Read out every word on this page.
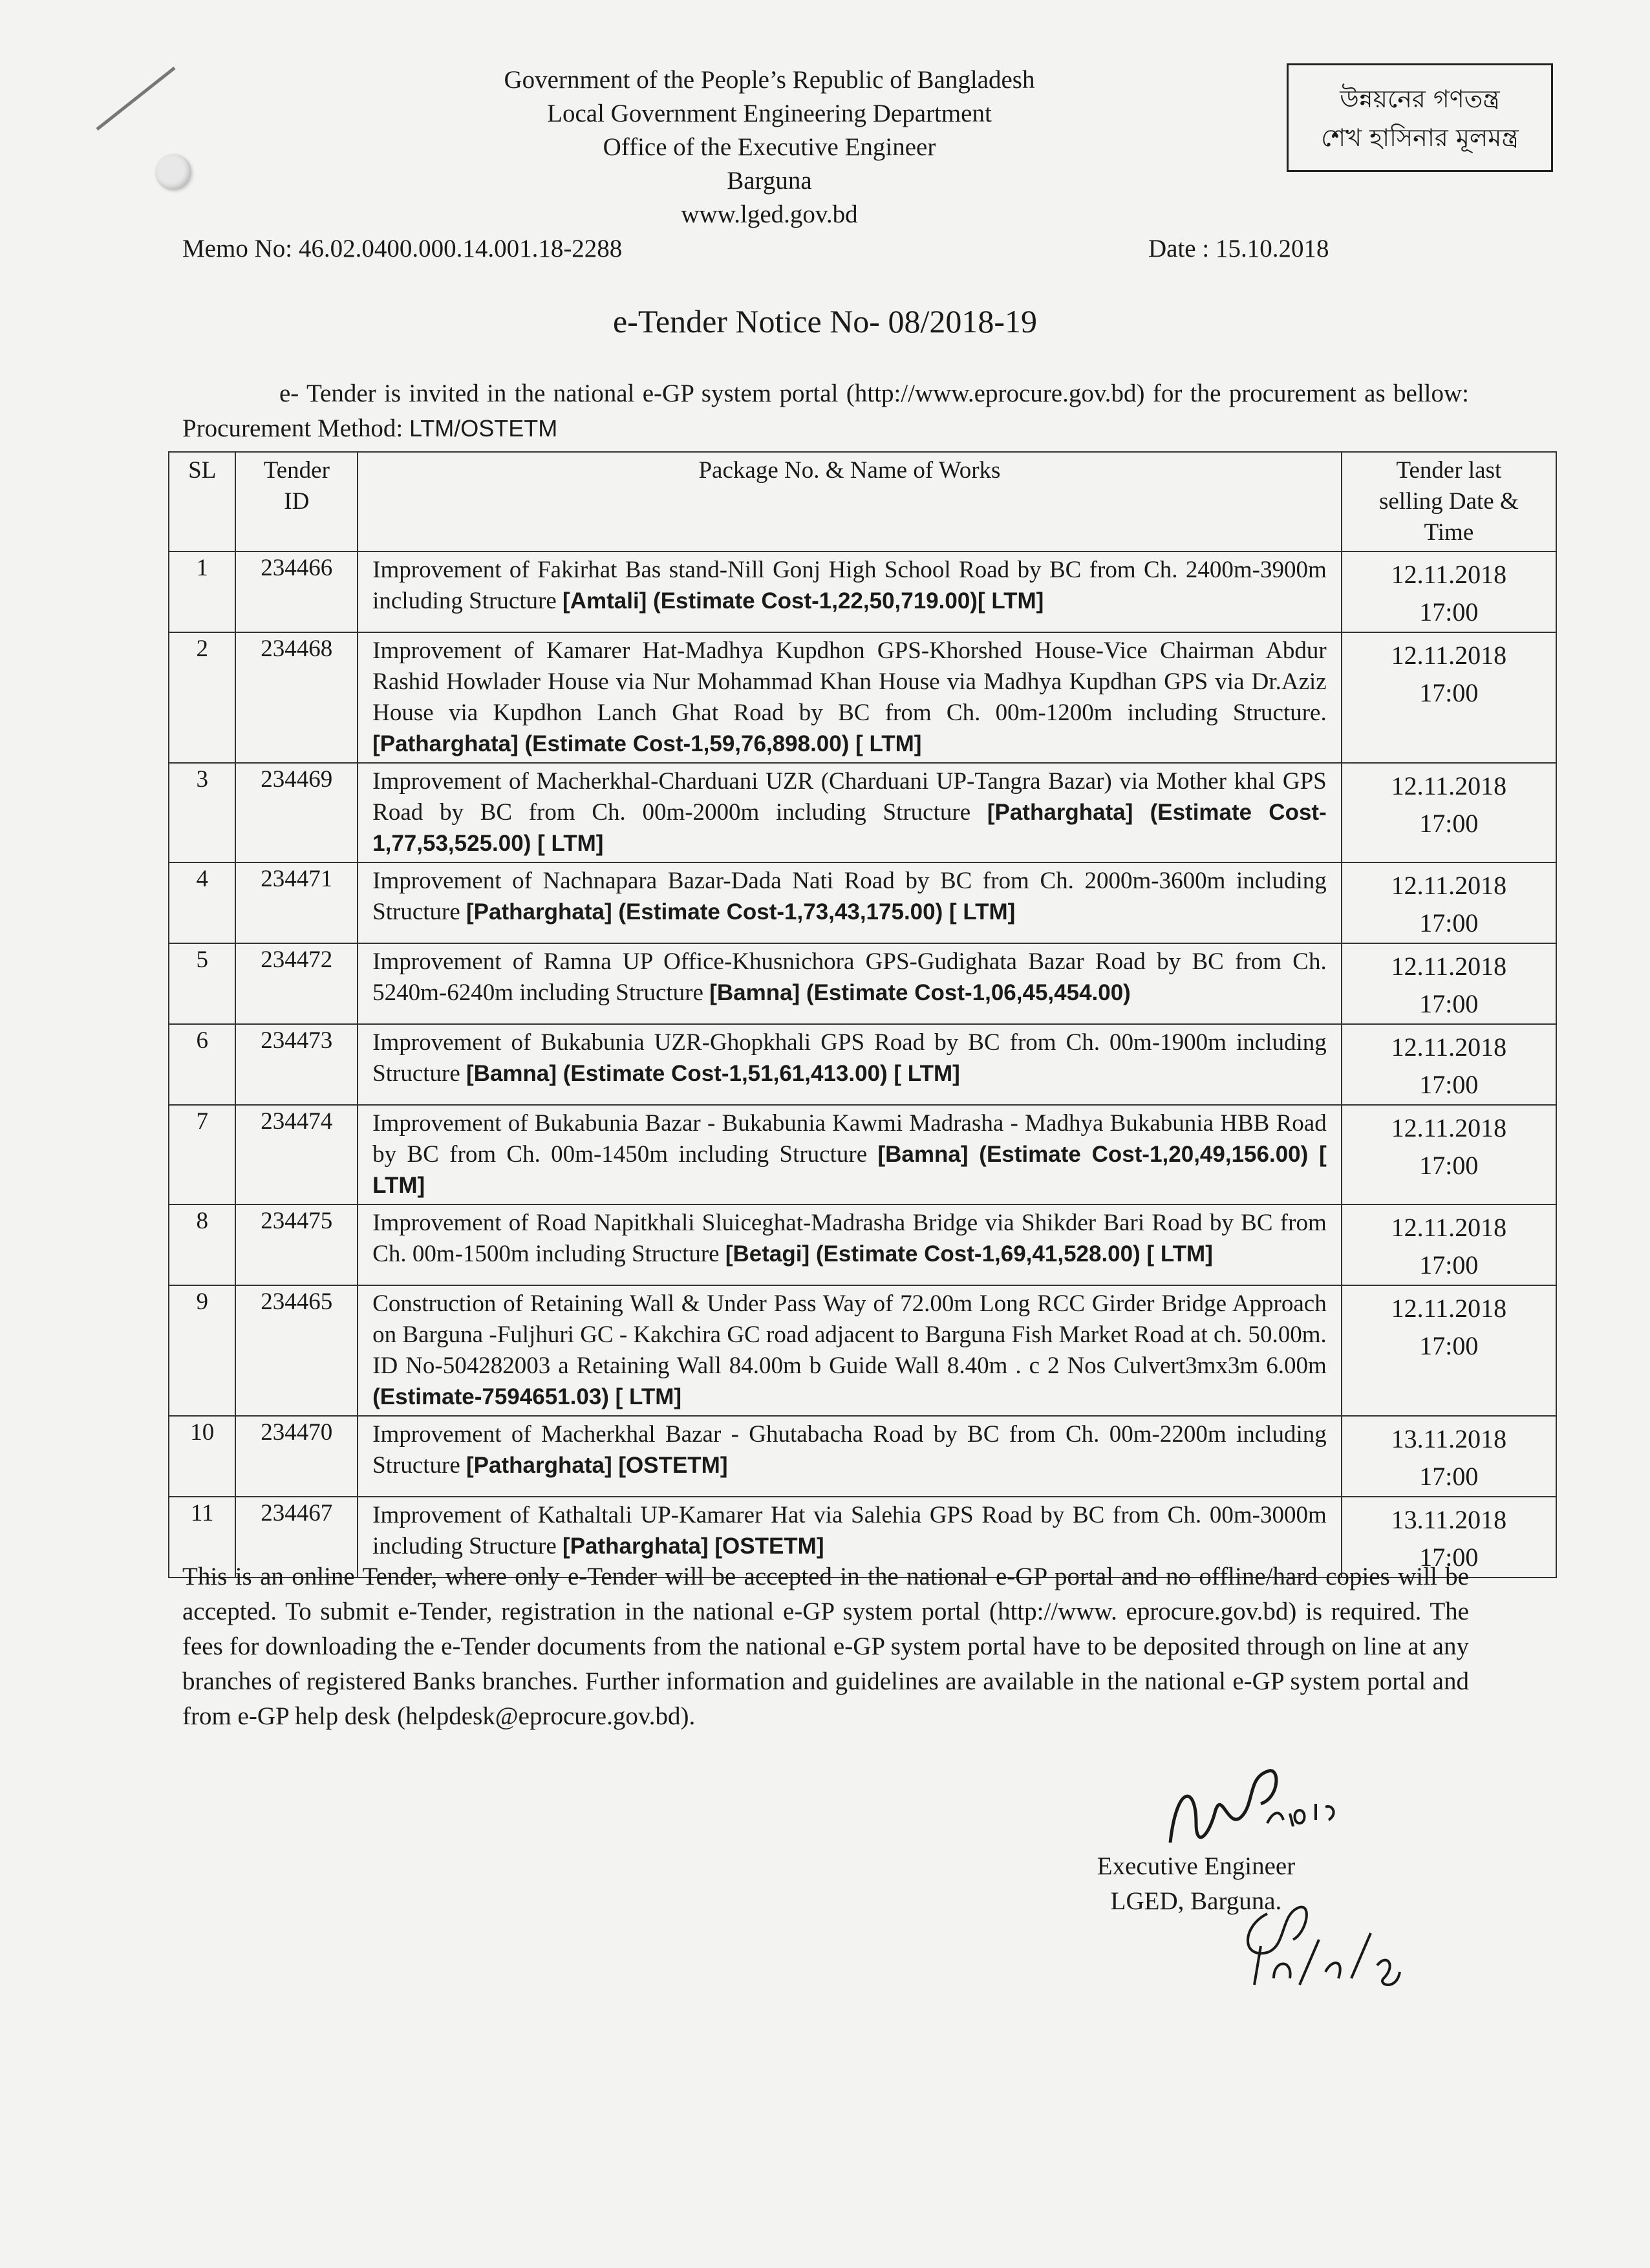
Government of the People’s Republic of Bangladesh
Local Government Engineering Department
Office of the Executive Engineer
Barguna
www.lged.gov.bd
উন্নয়নের গণতন্ত্র
শেখ হাসিনার মূলমন্ত্র
Memo No: 46.02.0400.000.14.001.18-2288	Date : 15.10.2018
e-Tender Notice No- 08/2018-19
e- Tender is invited in the national e-GP system portal (http://www.eprocure.gov.bd) for the procurement as bellow: Procurement Method: LTM/OSTETM
SL	Tender ID	Package No. & Name of Works	Tender last selling Date & Time
1	234466	Improvement of Fakirhat Bas stand-Nill Gonj High School Road by BC from Ch. 2400m-3900m including Structure [Amtali] (Estimate Cost-1,22,50,719.00)[ LTM]	12.11.2018
17:00

2	234468	Improvement of Kamarer Hat-Madhya Kupdhon GPS-Khorshed House-Vice Chairman Abdur Rashid Howlader House via Nur Mohammad Khan House via Madhya Kupdhan GPS via Dr.Aziz House via Kupdhon Lanch Ghat Road by BC from Ch. 00m-1200m including Structure. [Patharghata] (Estimate Cost-1,59,76,898.00) [ LTM]	12.11.2018
17:00

3	234469	Improvement of Macherkhal-Charduani UZR (Charduani UP-Tangra Bazar) via Mother khal GPS Road by BC from Ch. 00m-2000m including Structure [Patharghata] (Estimate Cost-1,77,53,525.00) [ LTM]	12.11.2018
17:00

4	234471	Improvement of Nachnapara Bazar-Dada Nati Road by BC from Ch. 2000m-3600m including Structure [Patharghata] (Estimate Cost-1,73,43,175.00) [ LTM]	12.11.2018
17:00

5	234472	Improvement of Ramna UP Office-Khusnichora GPS-Gudighata Bazar Road by BC from Ch. 5240m-6240m including Structure [Bamna] (Estimate Cost-1,06,45,454.00)	12.11.2018
17:00

6	234473	Improvement of Bukabunia UZR-Ghopkhali GPS Road by BC from Ch. 00m-1900m including Structure [Bamna] (Estimate Cost-1,51,61,413.00) [ LTM]	12.11.2018
17:00

7	234474	Improvement of Bukabunia Bazar - Bukabunia Kawmi Madrasha - Madhya Bukabunia HBB Road by BC from Ch. 00m-1450m including Structure [Bamna] (Estimate Cost-1,20,49,156.00) [ LTM]	12.11.2018
17:00

8	234475	Improvement of Road Napitkhali Sluiceghat-Madrasha Bridge via Shikder Bari Road by BC from Ch. 00m-1500m including Structure [Betagi] (Estimate Cost-1,69,41,528.00) [ LTM]	12.11.2018
17:00

9	234465	Construction of Retaining Wall & Under Pass Way of 72.00m Long RCC Girder Bridge Approach on Barguna -Fuljhuri GC - Kakchira GC road adjacent to Barguna Fish Market Road at ch. 50.00m. ID No-504282003 a Retaining Wall 84.00m b Guide Wall 8.40m . c 2 Nos Culvert3mx3m 6.00m (Estimate-7594651.03) [ LTM]	12.11.2018
17:00

10	234470	Improvement of Macherkhal Bazar - Ghutabacha Road by BC from Ch. 00m-2200m including Structure [Patharghata] [OSTETM]	13.11.2018
17:00

11	234467	Improvement of Kathaltali UP-Kamarer Hat via Salehia GPS Road by BC from Ch. 00m-3000m including Structure [Patharghata] [OSTETM]	13.11.2018
17:00
This is an online Tender, where only e-Tender will be accepted in the national e-GP portal and no offline/hard copies will be accepted. To submit e-Tender, registration in the national e-GP system portal (http://www. eprocure.gov.bd) is required. The fees for downloading the e-Tender documents from the national e-GP system portal have to be deposited through on line at any branches of registered Banks branches. Further information and guidelines are available in the national e-GP system portal and from e-GP help desk (helpdesk@eprocure.gov.bd).
Executive Engineer
LGED, Barguna.
